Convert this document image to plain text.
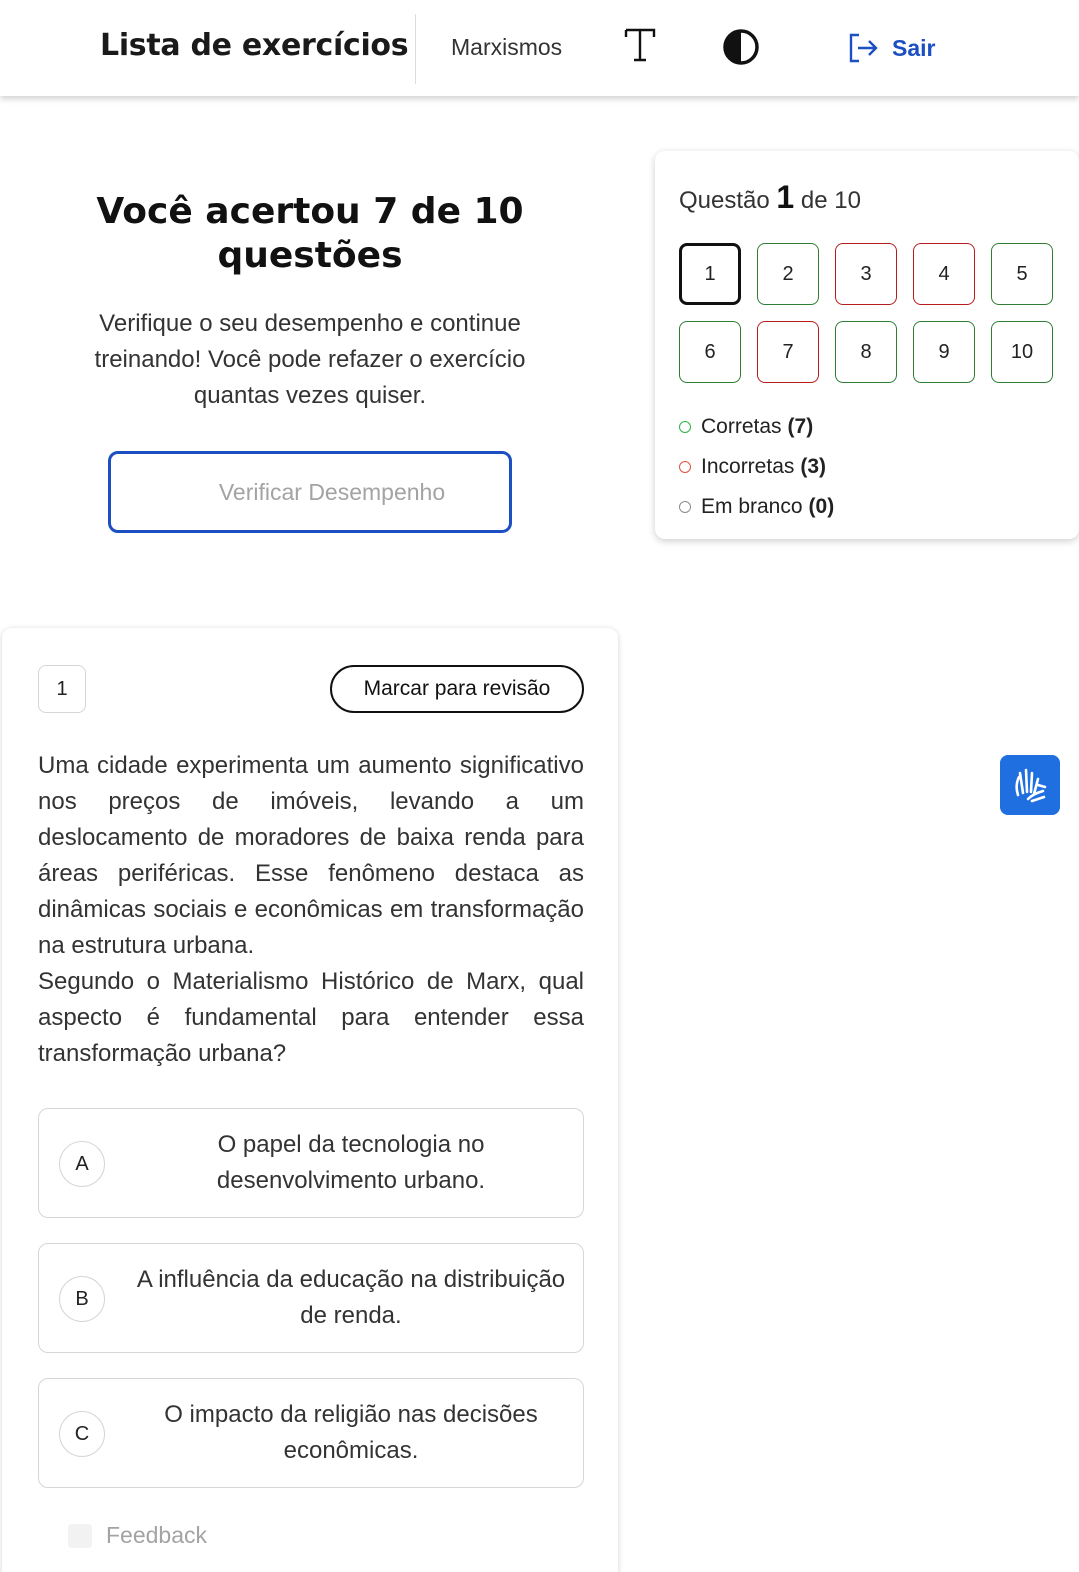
Lista de exercícios Marxismos	Sair
Você acertou 7 de 10 questões
Verifique o seu desempenho e continue treinando! Você pode refazer o exercício quantas vezes quiser.
Verificar Desempenho
Questão 1 de 10
1	2	3	4	5
6	7	8	9	10
Corretas (7)
Incorretas (3)
Em branco (0)
1	Marcar para revisão

Uma cidade experimenta um aumento significativo nos preços de imóveis, levando a um deslocamento de moradores de baixa renda para áreas periféricas. Esse fenômeno destaca as dinâmicas sociais e econômicas em transformação na estrutura urbana.

Segundo o Materialismo Histórico de Marx, qual aspecto é fundamental para entender essa transformação urbana?

A
O papel da tecnologia no desenvolvimento urbano.
B
A influência da educação na distribuição de renda.
C
O impacto da religião nas decisões econômicas.
Feedback
